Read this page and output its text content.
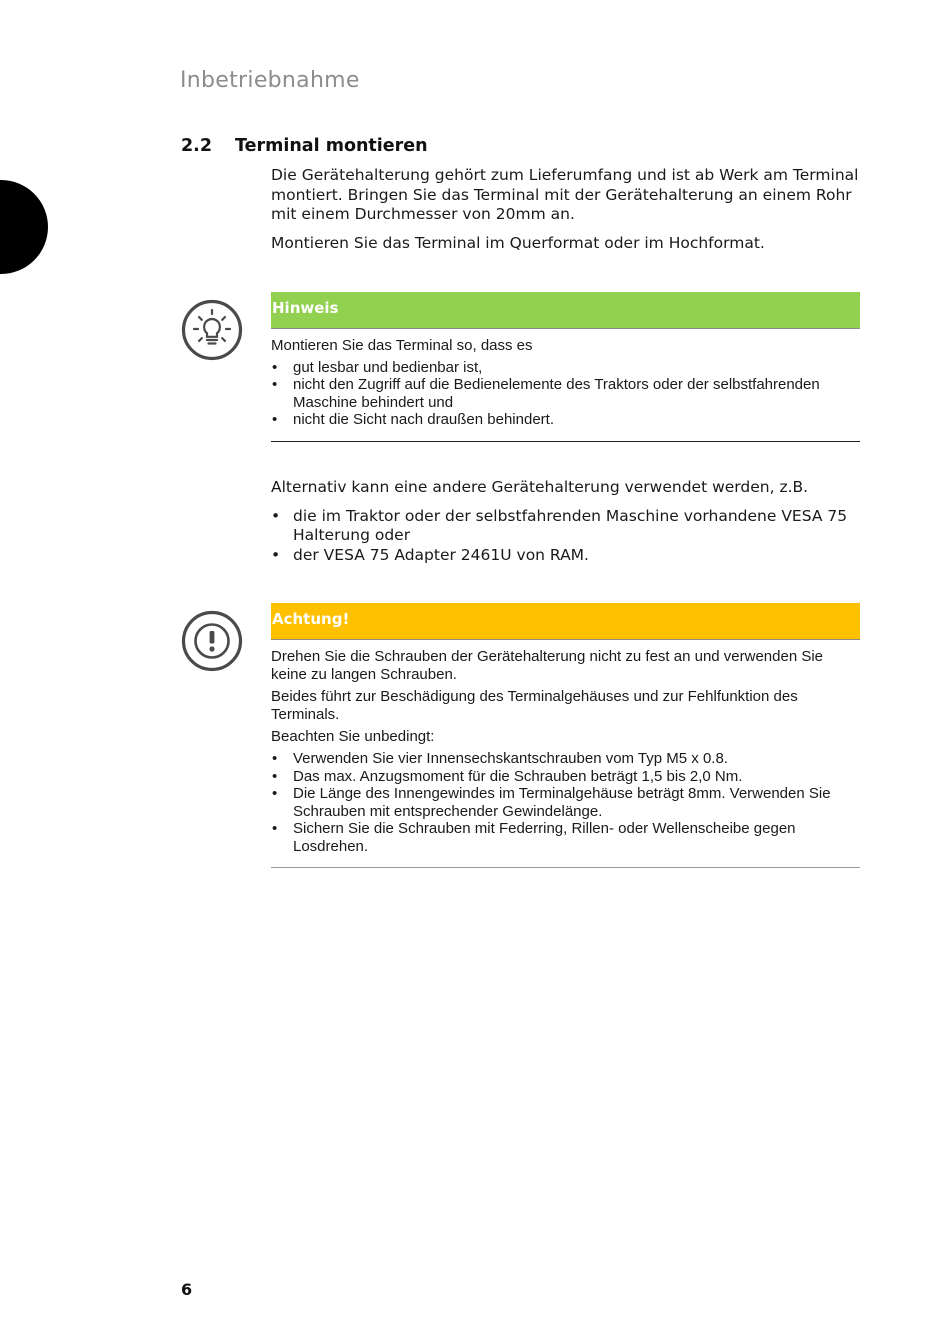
Inbetriebnahme
2.2 Terminal montieren

Die Gerätehalterung gehört zum Lieferumfang und ist ab Werk am Terminal montiert. Bringen Sie das Terminal mit der Gerätehalterung an einem Rohr mit einem Durchmesser von 20mm an.

Montieren Sie das Terminal im Querformat oder im Hochformat.

Hinweis

Montieren Sie das Terminal so, dass es

• gut lesbar und bedienbar ist,
• nicht den Zugriff auf die Bedienelemente des Traktors oder der selbstfahrenden Maschine behindert und
• nicht die Sicht nach draußen behindert.

Alternativ kann eine andere Gerätehalterung verwendet werden, z.B.

• die im Traktor oder der selbstfahrenden Maschine vorhandene VESA 75 Halterung oder
• der VESA 75 Adapter 2461U von RAM.
Achtung!

Drehen Sie die Schrauben der Gerätehalterung nicht zu fest an und verwenden Sie keine zu langen Schrauben.

Beides führt zur Beschädigung des Terminalgehäuses und zur Fehlfunktion des Terminals.

Beachten Sie unbedingt:

• Verwenden Sie vier Innensechskantschrauben vom Typ M5 x 0.8.
• Das max. Anzugsmoment für die Schrauben beträgt 1,5 bis 2,0 Nm.
• Die Länge des Innengewindes im Terminalgehäuse beträgt 8mm. Verwenden Sie Schrauben mit entsprechender Gewindelänge.
• Sichern Sie die Schrauben mit Federring, Rillen- oder Wellenscheibe gegen Losdrehen.
6
